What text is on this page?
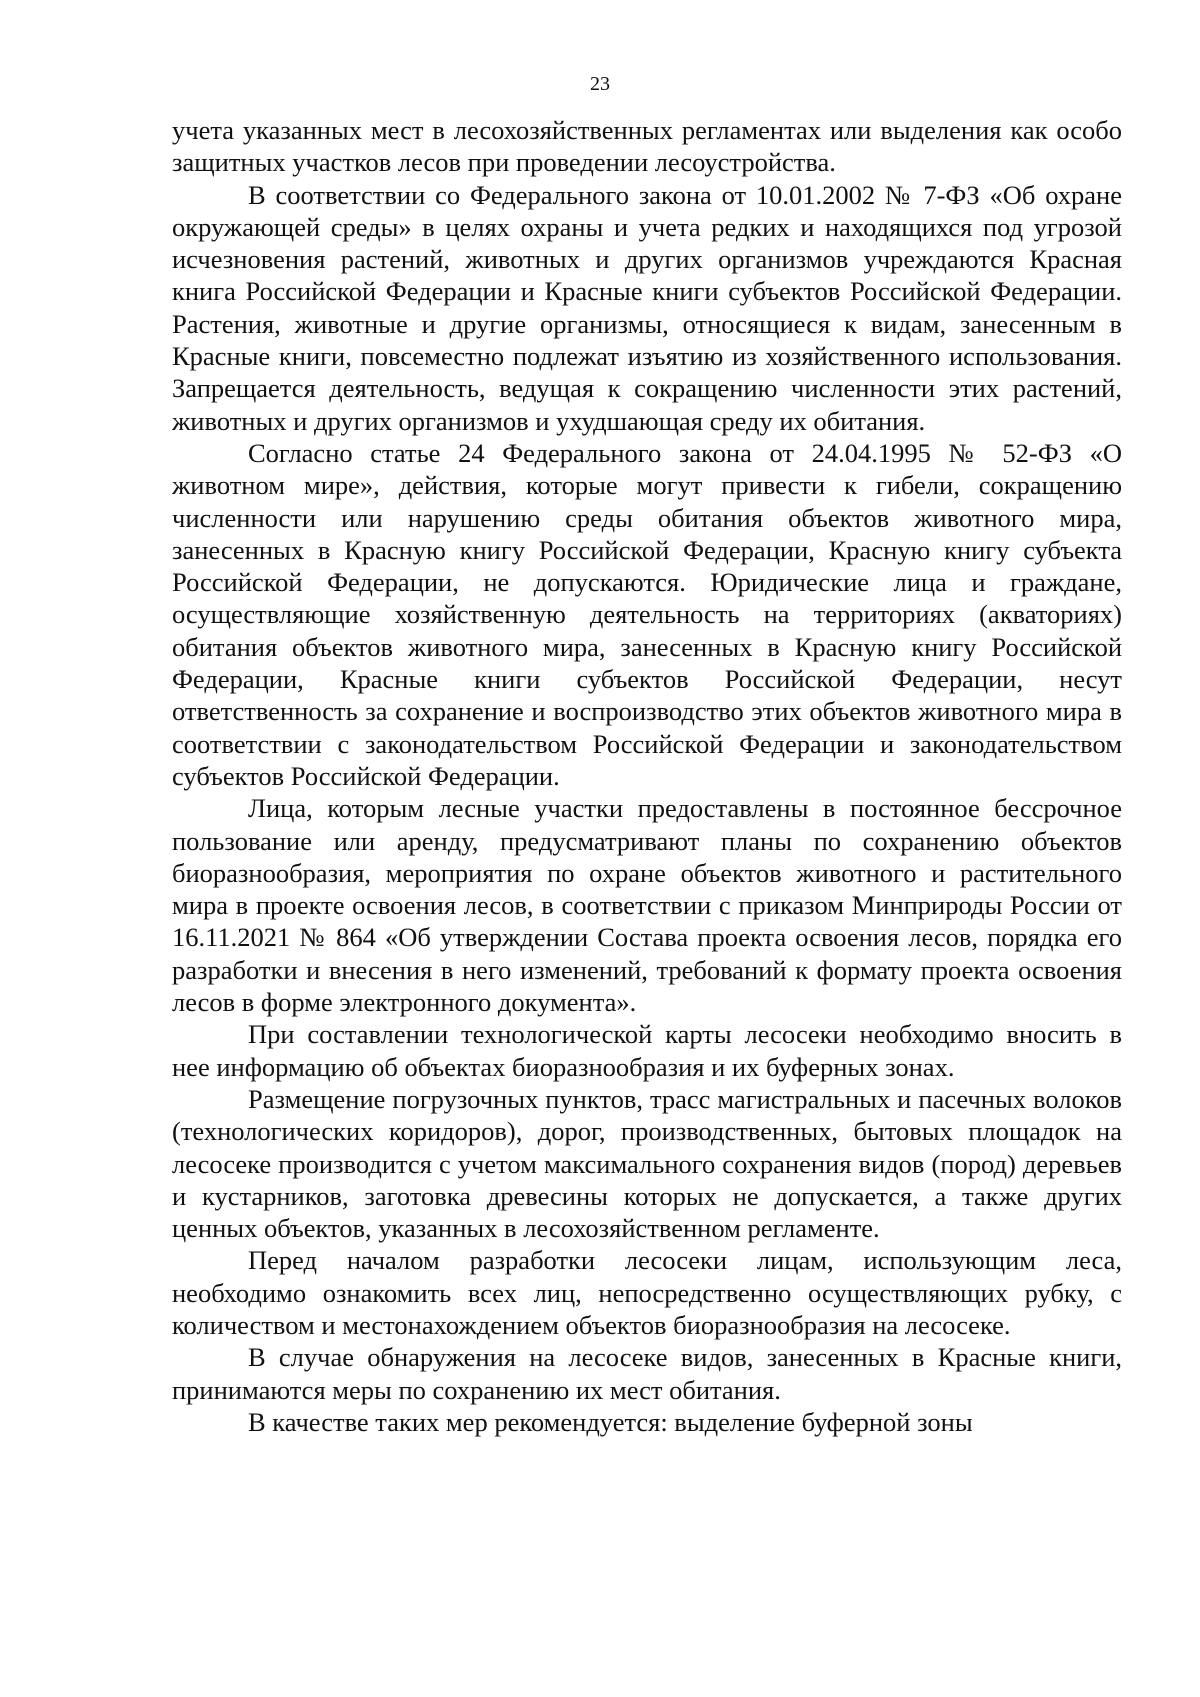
23

учета указанных мест в лесохозяйственных регламентах или выделения как особо защитных участков лесов при проведении лесоустройства.

В соответствии со Федерального закона от 10.01.2002 № 7-ФЗ «Об охране окружающей среды» в целях охраны и учета редких и находящихся под угрозой исчезновения растений, животных и других организмов учреждаются Красная книга Российской Федерации и Красные книги субъектов Российской Федерации. Растения, животные и другие организмы, относящиеся к видам, занесенным в Красные книги, повсеместно подлежат изъятию из хозяйственного использования. Запрещается деятельность, ведущая к сокращению численности этих растений, животных и других организмов и ухудшающая среду их обитания.

Согласно статье 24 Федерального закона от 24.04.1995 № 52-ФЗ «О животном мире», действия, которые могут привести к гибели, сокращению численности или нарушению среды обитания объектов животного мира, занесенных в Красную книгу Российской Федерации, Красную книгу субъекта Российской Федерации, не допускаются. Юридические лица и граждане, осуществляющие хозяйственную деятельность на территориях (акваториях) обитания объектов животного мира, занесенных в Красную книгу Российской Федерации, Красные книги субъектов Российской Федерации, несут ответственность за сохранение и воспроизводство этих объектов животного мира в соответствии с законодательством Российской Федерации и законодательством субъектов Российской Федерации.

Лица, которым лесные участки предоставлены в постоянное бессрочное пользование или аренду, предусматривают планы по сохранению объектов биоразнообразия, мероприятия по охране объектов животного и растительного мира в проекте освоения лесов, в соответствии с приказом Минприроды России от 16.11.2021 № 864 «Об утверждении Состава проекта освоения лесов, порядка его разработки и внесения в него изменений, требований к формату проекта освоения лесов в форме электронного документа».

При составлении технологической карты лесосеки необходимо вносить в нее информацию об объектах биоразнообразия и их буферных зонах.

Размещение погрузочных пунктов, трасс магистральных и пасечных волоков (технологических коридоров), дорог, производственных, бытовых площадок на лесосеке производится с учетом максимального сохранения видов (пород) деревьев и кустарников, заготовка древесины которых не допускается, а также других ценных объектов, указанных в лесохозяйственном регламенте.

Перед началом разработки лесосеки лицам, использующим леса, необходимо ознакомить всех лиц, непосредственно осуществляющих рубку, с количеством и местонахождением объектов биоразнообразия на лесосеке.

В случае обнаружения на лесосеке видов, занесенных в Красные книги, принимаются меры по сохранению их мест обитания.

В качестве таких мер рекомендуется: выделение буферной зоны
